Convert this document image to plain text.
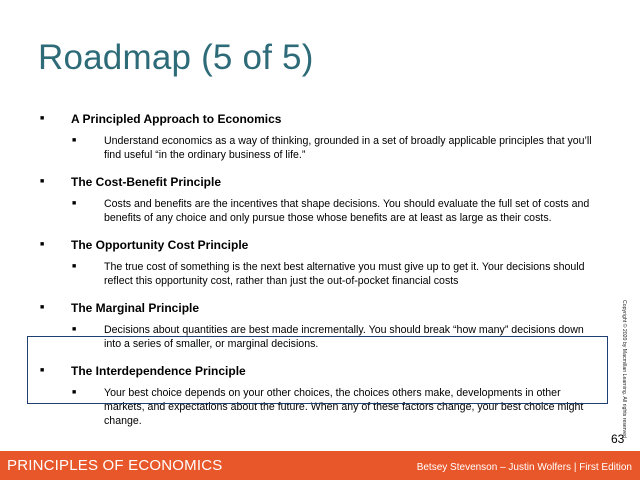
Roadmap (5 of 5)
■ A Principled Approach to Economics
■	Understand economics as a way of thinking, grounded in a set of broadly applicable principles that you’ll find useful “in the ordinary business of life.”
■ The Cost-Benefit Principle
■	Costs and benefits are the incentives that shape decisions. You should evaluate the full set of costs and benefits of any choice and only pursue those whose benefits are at least as large as their costs.
■ The Opportunity Cost Principle
■	The true cost of something is the next best alternative you must give up to get it. Your decisions should reflect this opportunity cost, rather than just the out-of-pocket financial costs
■ The Marginal Principle
■	Decisions about quantities are best made incrementally. You should break “how many” decisions down into a series of smaller, or marginal decisions.
■ The Interdependence Principle
■	Your best choice depends on your other choices, the choices others make, developments in other markets, and expectations about the future. When any of these factors change, your best choice might change.	Copyright © 2020 by Macmillan Learning. All rights reserved
63
PRINCIPLES OF ECONOMICS	Betsey Stevenson – Justin Wolfers | First Edition
